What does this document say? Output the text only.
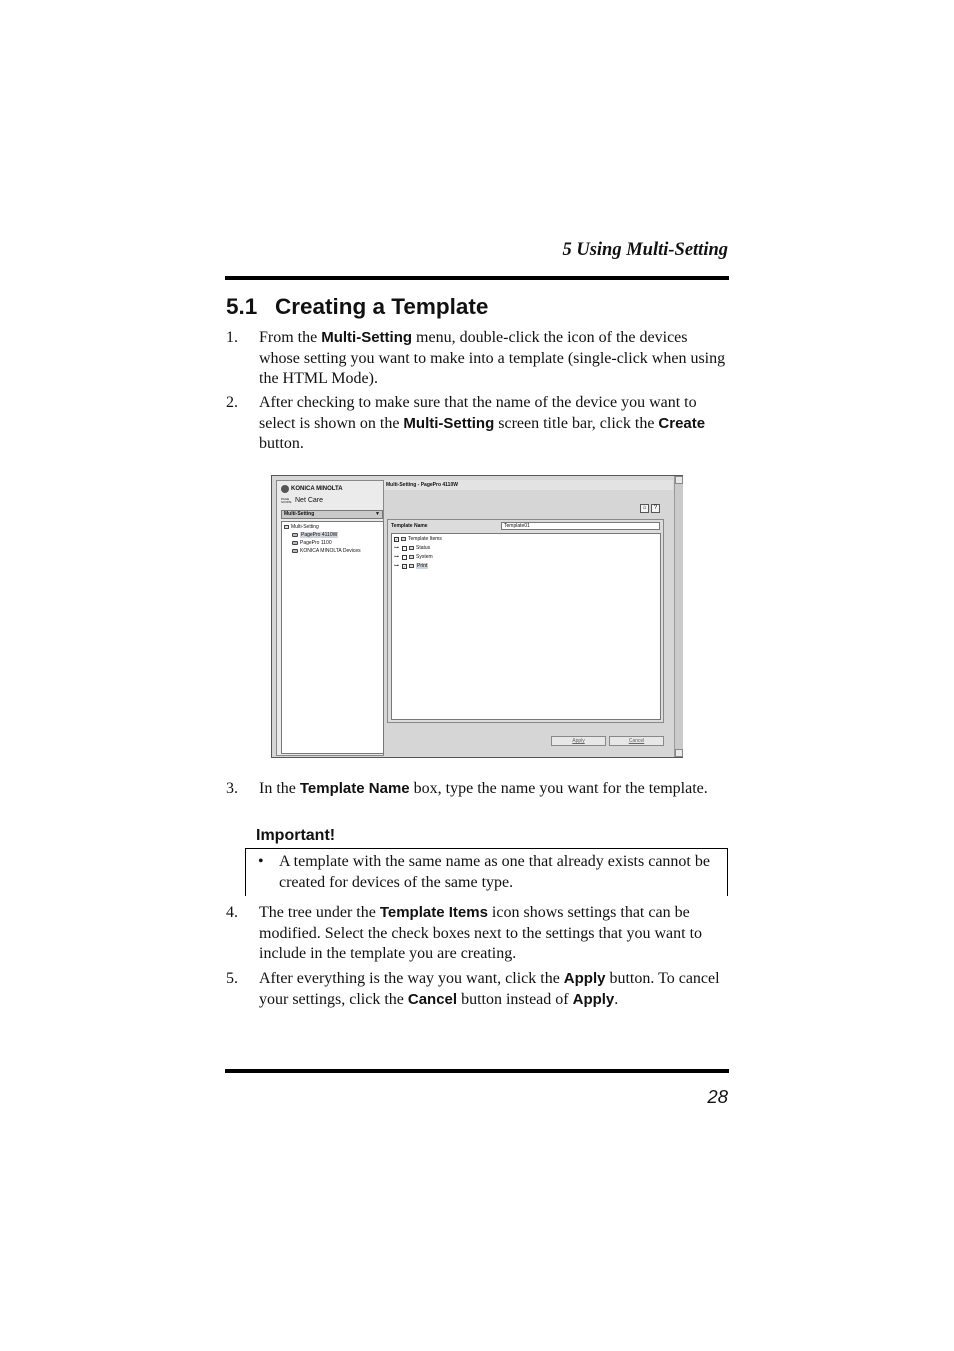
5 Using Multi-Setting
5.1 Creating a Template
1. From the Multi-Setting menu, double-click the icon of the devices whose setting you want to make into a template (single-click when using the HTML Mode).
2. After checking to make sure that the name of the device you want to select is shown on the Multi-Setting screen title bar, click the Create button.
KONICA MINOLTA
PAGE SCOPE Net Care
Multi-Setting	▼
Multi-Setting
PagePro 4110W
PagePro 1100
KONICA MINOLTA Devices
Multi-Setting - PagePro 4110W
⌂	?
Template Name	Template01
✓ Template Items
⊶	Status
⊶	System
⊶ ✓ Print
Apply	Cancel
3. In the Template Name box, type the name you want for the template.
Important!
• A template with the same name as one that already exists cannot be created for devices of the same type.
4. The tree under the Template Items icon shows settings that can be modified. Select the check boxes next to the settings that you want to include in the template you are creating.
5. After everything is the way you want, click the Apply button. To cancel your settings, click the Cancel button instead of Apply.
28
